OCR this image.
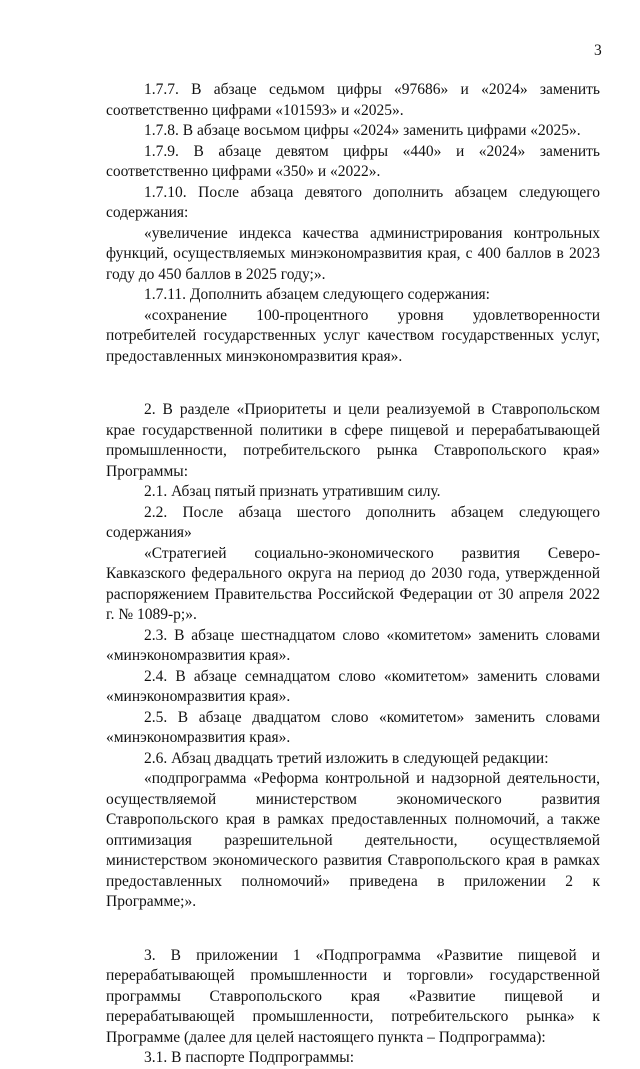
3

1.7.7. В абзаце седьмом цифры «97686» и «2024» заменить соответственно цифрами «101593» и «2025».

1.7.8. В абзаце восьмом цифры «2024» заменить цифрами «2025».

1.7.9. В абзаце девятом цифры «440» и «2024» заменить соответственно цифрами «350» и «2022».

1.7.10. После абзаца девятого дополнить абзацем следующего содержания:

«увеличение индекса качества администрирования контрольных функций, осуществляемых минэкономразвития края, с 400 баллов в 2023 году до 450 баллов в 2025 году;».

1.7.11. Дополнить абзацем следующего содержания:

«сохранение 100-процентного уровня удовлетворенности потребителей государственных услуг качеством государственных услуг, предоставленных минэкономразвития края».

2. В разделе «Приоритеты и цели реализуемой в Ставропольском крае государственной политики в сфере пищевой и перерабатывающей промышленности, потребительского рынка Ставропольского края» Программы:

2.1. Абзац пятый признать утратившим силу.

2.2. После абзаца шестого дополнить абзацем следующего содержания»

«Стратегией социально-экономического развития Северо-Кавказского федерального округа на период до 2030 года, утвержденной распоряжением Правительства Российской Федерации от 30 апреля 2022 г. № 1089-р;».

2.3. В абзаце шестнадцатом слово «комитетом» заменить словами «минэкономразвития края».

2.4. В абзаце семнадцатом слово «комитетом» заменить словами «минэкономразвития края».

2.5. В абзаце двадцатом слово «комитетом» заменить словами «минэкономразвития края».

2.6. Абзац двадцать третий изложить в следующей редакции:

«подпрограмма «Реформа контрольной и надзорной деятельности, осуществляемой министерством экономического развития Ставропольского края в рамках предоставленных полномочий, а также оптимизация разрешительной деятельности, осуществляемой министерством экономического развития Ставропольского края в рамках предоставленных полномочий» приведена в приложении 2 к Программе;».

3. В приложении 1 «Подпрограмма «Развитие пищевой и перерабатывающей промышленности и торговли» государственной программы Ставропольского края «Развитие пищевой и перерабатывающей промышленности, потребительского рынка» к Программе (далее для целей настоящего пункта – Подпрограмма):

3.1. В паспорте Подпрограммы:
